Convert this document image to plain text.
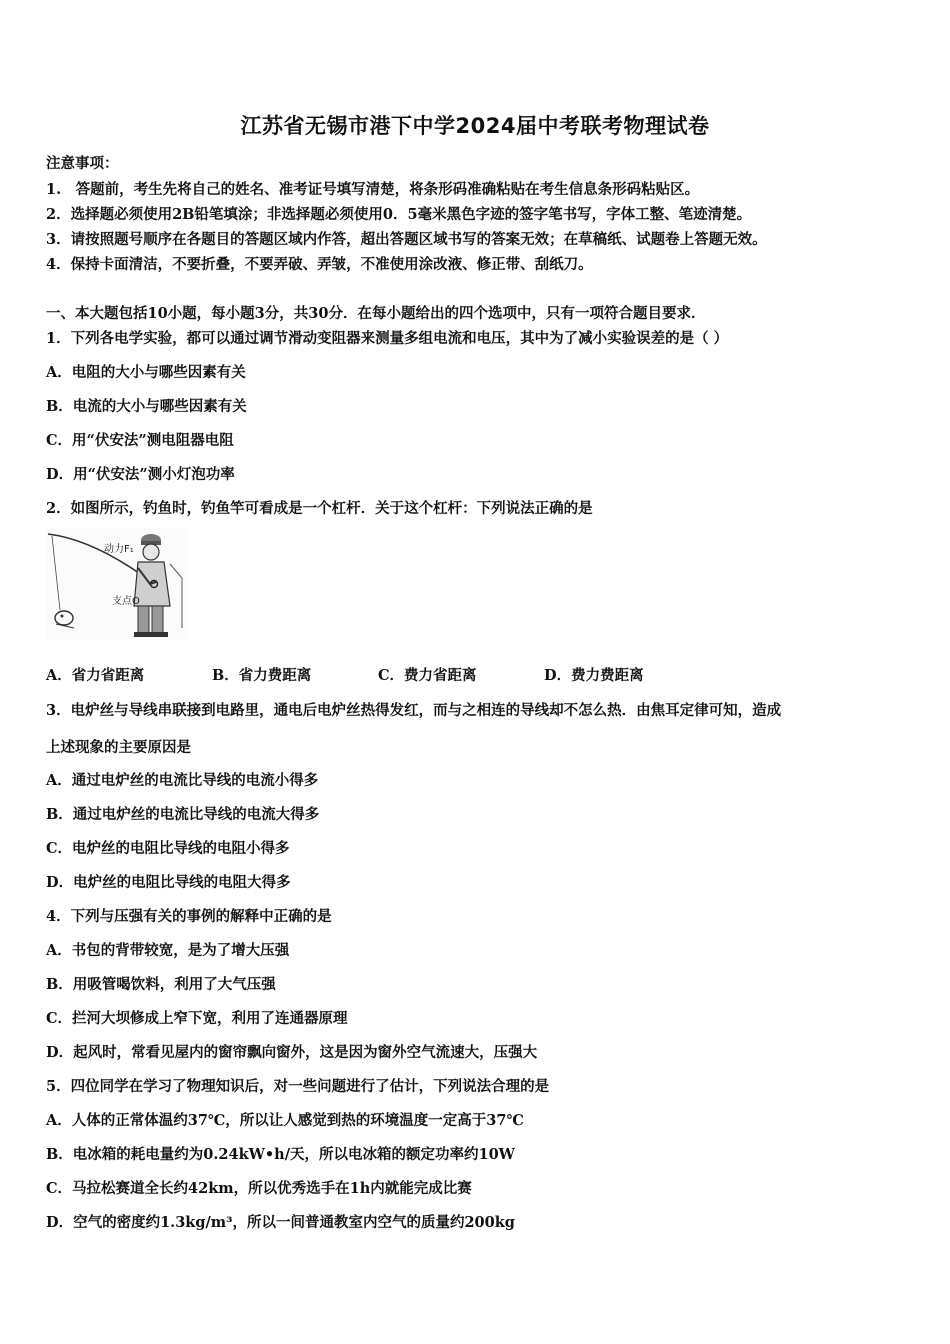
江苏省无锡市港下中学2024届中考联考物理试卷
注意事项：
1.　答题前，考生先将自己的姓名、准考证号填写清楚，将条形码准确粘贴在考生信息条形码粘贴区。
2．选择题必须使用2B铅笔填涂；非选择题必须使用0．5毫米黑色字迹的签字笔书写，字体工整、笔迹清楚。
3．请按照题号顺序在各题目的答题区域内作答，超出答题区域书写的答案无效；在草稿纸、试题卷上答题无效。
4．保持卡面清洁，不要折叠，不要弄破、弄皱，不准使用涂改液、修正带、刮纸刀。
一、本大题包括10小题，每小题3分，共30分．在每小题给出的四个选项中，只有一项符合题目要求．
1．下列各电学实验，都可以通过调节滑动变阻器来测量多组电流和电压，其中为了减小实验误差的是（ ）
A．电阻的大小与哪些因素有关
B．电流的大小与哪些因素有关
C．用“伏安法”测电阻器电阻
D．用“伏安法”测小灯泡功率
2．如图所示，钓鱼时，钓鱼竿可看成是一个杠杆．关于这个杠杆：下列说法正确的是
动力F₁
支点O
A．省力省距离	B．省力费距离	C．费力省距离	D．费力费距离
3．电炉丝与导线串联接到电路里，通电后电炉丝热得发红，而与之相连的导线却不怎么热．由焦耳定律可知，造成
上述现象的主要原因是
A．通过电炉丝的电流比导线的电流小得多
B．通过电炉丝的电流比导线的电流大得多
C．电炉丝的电阻比导线的电阻小得多
D．电炉丝的电阻比导线的电阻大得多
4．下列与压强有关的事例的解释中正确的是
A．书包的背带较宽，是为了增大压强
B．用吸管喝饮料，利用了大气压强
C．拦河大坝修成上窄下宽，利用了连通器原理
D．起风时，常看见屋内的窗帘飘向窗外，这是因为窗外空气流速大，压强大
5．四位同学在学习了物理知识后，对一些问题进行了估计，下列说法合理的是
A．人体的正常体温约37℃，所以让人感觉到热的环境温度一定高于37℃
B．电冰箱的耗电量约为0.24kW•h/天，所以电冰箱的额定功率约10W
C．马拉松赛道全长约42km，所以优秀选手在1h内就能完成比赛
D．空气的密度约1.3kg/m³，所以一间普通教室内空气的质量约200kg
